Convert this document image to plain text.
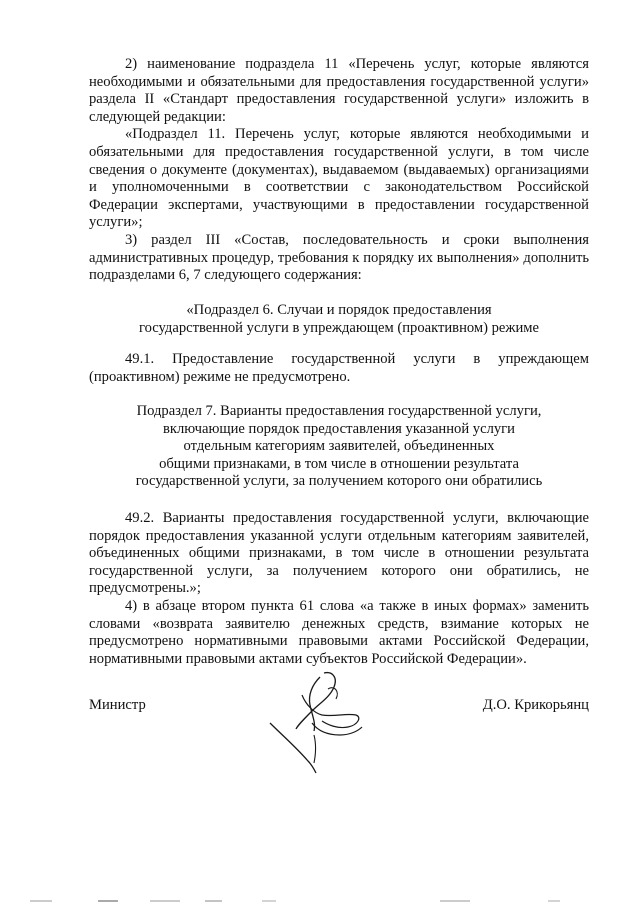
2) наименование подраздела 11 «Перечень услуг, которые являются необходимыми и обязательными для предоставления государственной услуги» раздела II «Стандарт предоставления государственной услуги» изложить в следующей редакции:

«Подраздел 11. Перечень услуг, которые являются необходимыми и обязательными для предоставления государственной услуги, в том числе сведения о документе (документах), выдаваемом (выдаваемых) организациями и уполномоченными в соответствии с законодательством Российской Федерации экспертами, участвующими в предоставлении государственной услуги»;

3) раздел III «Состав, последовательность и сроки выполнения административных процедур, требования к порядку их выполнения» дополнить подразделами 6, 7 следующего содержания:

«Подраздел 6. Случаи и порядок предоставления
государственной услуги в упреждающем (проактивном) режиме

49.1. Предоставление государственной услуги в упреждающем (проактивном) режиме не предусмотрено.

Подраздел 7. Варианты предоставления государственной услуги,
включающие порядок предоставления указанной услуги
отдельным категориям заявителей, объединенных
общими признаками, в том числе в отношении результата
государственной услуги, за получением которого они обратились

49.2. Варианты предоставления государственной услуги, включающие порядок предоставления указанной услуги отдельным категориям заявителей, объединенных общими признаками, в том числе в отношении результата государственной услуги, за получением которого они обратились, не предусмотрены.»;

4) в абзаце втором пункта 61 слова «а также в иных формах» заменить словами «возврата заявителю денежных средств, взимание которых не предусмотрено нормативными правовыми актами Российской Федерации, нормативными правовыми актами субъектов Российской Федерации».

Министр	Д.О. Крикорьянц
